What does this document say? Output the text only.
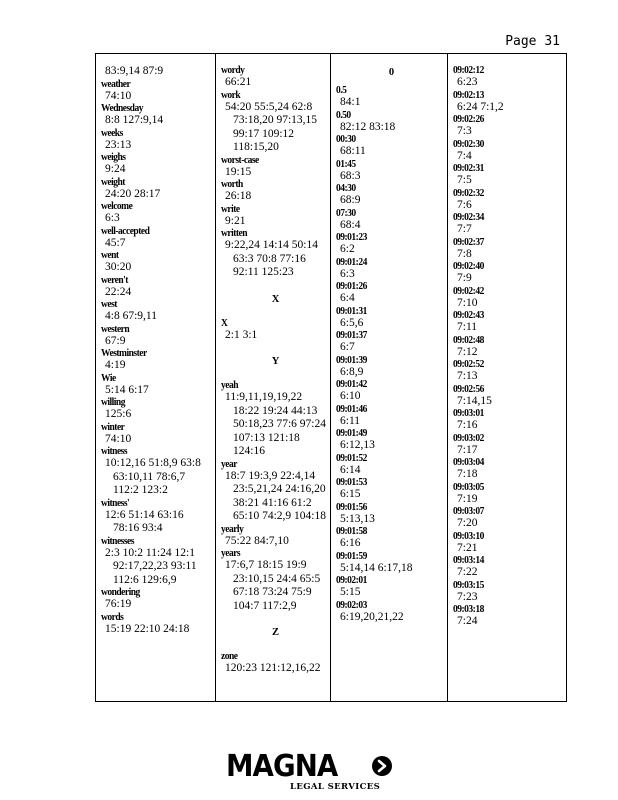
Page 31
83:9,14 87:9
weather
74:10
Wednesday
8:8 127:9,14
weeks
23:13
weighs
9:24
weight
24:20 28:17
welcome
6:3
well-accepted
45:7
went
30:20
weren't
22:24
west
4:8 67:9,11
western
67:9
Westminster
4:19
Wie
5:14 6:17
willing
125:6
winter
74:10
witness
10:12,16 51:8,9 63:8
63:10,11 78:6,7
112:2 123:2
witness'
12:6 51:14 63:16
78:16 93:4
witnesses
2:3 10:2 11:24 12:1
92:17,22,23 93:11
112:6 129:6,9
wondering
76:19
words
15:19 22:10 24:18
wordy
66:21
work
54:20 55:5,24 62:8
73:18,20 97:13,15
99:17 109:12
118:15,20
worst-case
19:15
worth
26:18
write
9:21
written
9:22,24 14:14 50:14
63:3 70:8 77:16
92:11 125:23
X
X
2:1 3:1
Y
yeah
11:9,11,19,19,22
18:22 19:24 44:13
50:18,23 77:6 97:24
107:13 121:18
124:16
year
18:7 19:3,9 22:4,14
23:5,21,24 24:16,20
38:21 41:16 61:2
65:10 74:2,9 104:18
yearly
75:22 84:7,10
years
17:6,7 18:15 19:9
23:10,15 24:4 65:5
67:18 73:24 75:9
104:7 117:2,9
Z
zone
120:23 121:12,16,22
0
0.5
84:1
0.50
82:12 83:18
00:30
68:11
01:45
68:3
04:30
68:9
07:30
68:4
09:01:23
6:2
09:01:24
6:3
09:01:26
6:4
09:01:31
6:5,6
09:01:37
6:7
09:01:39
6:8,9
09:01:42
6:10
09:01:46
6:11
09:01:49
6:12,13
09:01:52
6:14
09:01:53
6:15
09:01:56
5:13,13
09:01:58
6:16
09:01:59
5:14,14 6:17,18
09:02:01
5:15
09:02:03
6:19,20,21,22
09:02:12
6:23
09:02:13
6:24 7:1,2
09:02:26
7:3
09:02:30
7:4
09:02:31
7:5
09:02:32
7:6
09:02:34
7:7
09:02:37
7:8
09:02:40
7:9
09:02:42
7:10
09:02:43
7:11
09:02:48
7:12
09:02:52
7:13
09:02:56
7:14,15
09:03:01
7:16
09:03:02
7:17
09:03:04
7:18
09:03:05
7:19
09:03:07
7:20
09:03:10
7:21
09:03:14
7:22
09:03:15
7:23
09:03:18
7:24
MAGNA
LEGAL SERVICES
